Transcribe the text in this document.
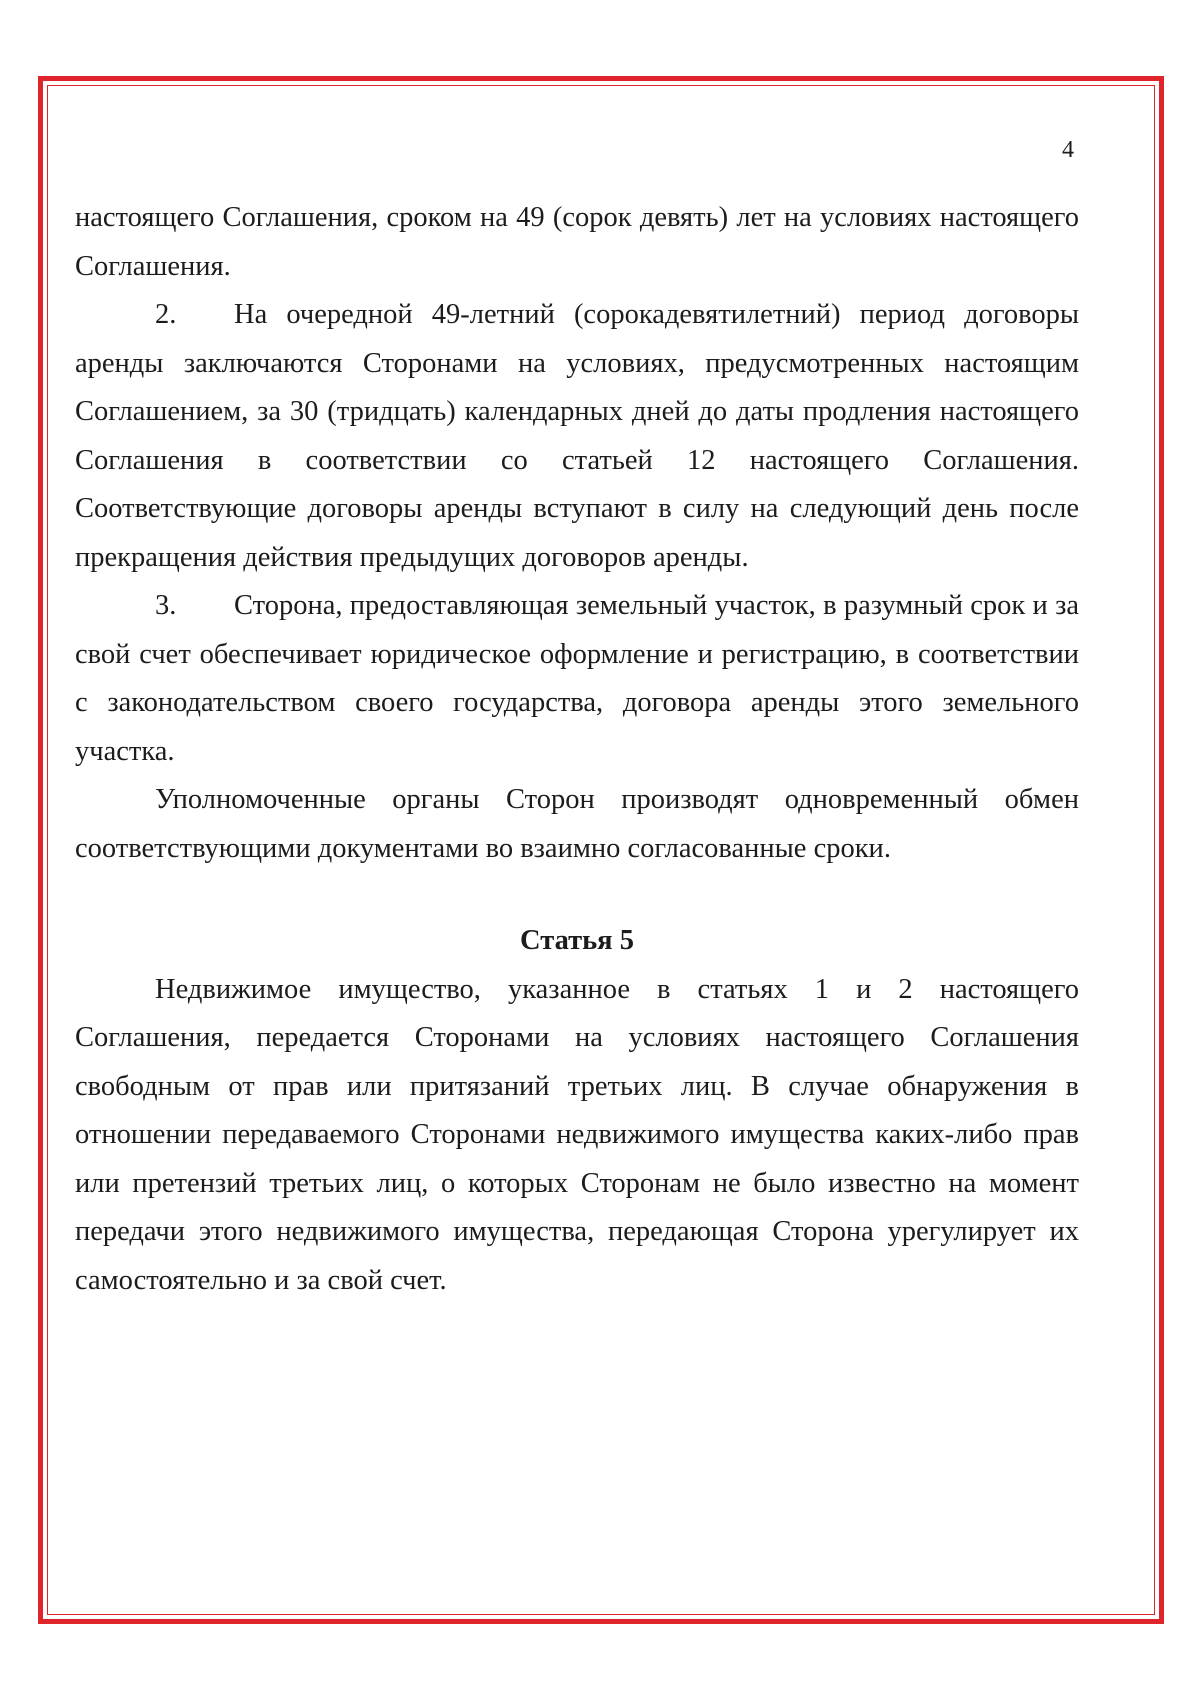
4

настоящего Соглашения, сроком на 49 (сорок девять) лет на условиях настоящего Соглашения.

2. На очередной 49-летний (сорокадевятилетний) период договоры аренды заключаются Сторонами на условиях, предусмотренных настоящим Соглашением, за 30 (тридцать) календарных дней до даты продления настоящего Соглашения в соответствии со статьей 12 настоящего Соглашения. Соответствующие договоры аренды вступают в силу на следующий день после прекращения действия предыдущих договоров аренды.

3. Сторона, предоставляющая земельный участок, в разумный срок и за свой счет обеспечивает юридическое оформление и регистрацию, в соответствии с законодательством своего государства, договора аренды этого земельного участка.

Уполномоченные органы Сторон производят одновременный обмен соответствующими документами во взаимно согласованные сроки.

Статья 5

Недвижимое имущество, указанное в статьях 1 и 2 настоящего Соглашения, передается Сторонами на условиях настоящего Соглашения свободным от прав или притязаний третьих лиц. В случае обнаружения в отношении передаваемого Сторонами недвижимого имущества каких-либо прав или претензий третьих лиц, о которых Сторонам не было известно на момент передачи этого недвижимого имущества, передающая Сторона урегулирует их самостоятельно и за свой счет.
